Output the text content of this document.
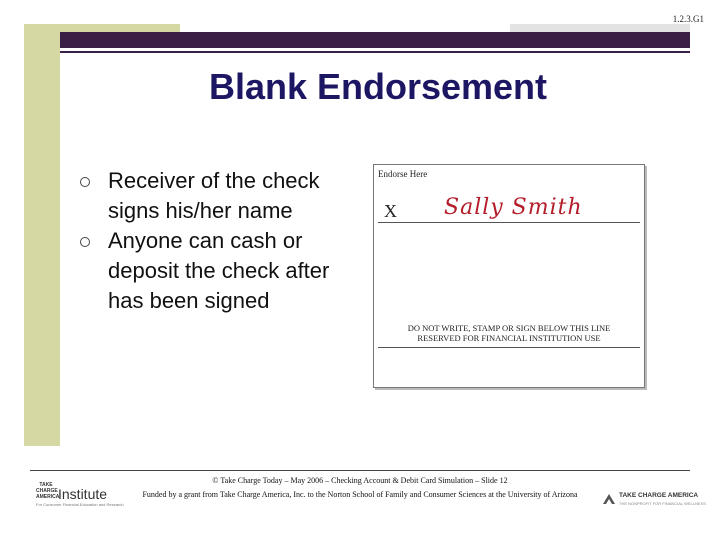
1.2.3.G1
Blank Endorsement
Receiver of the check signs his/her name
Anyone can cash or deposit the check after has been signed
Endorse Here
X Sally Smith
DO NOT WRITE, STAMP OR SIGN BELOW THIS LINE
RESERVED FOR FINANCIAL INSTITUTION USE
© Take Charge Today – May 2006 – Checking Account & Debit Card Simulation – Slide 12
Funded by a grant from Take Charge America, Inc. to the Norton School of Family and Consumer Sciences at the University of Arizona
TAKE CHARGE AMERICA
Institute
For Consumer Financial Education and Research
TAKE CHARGE AMERICA
THE NONPROFIT FOR FINANCIAL WELLNESS
